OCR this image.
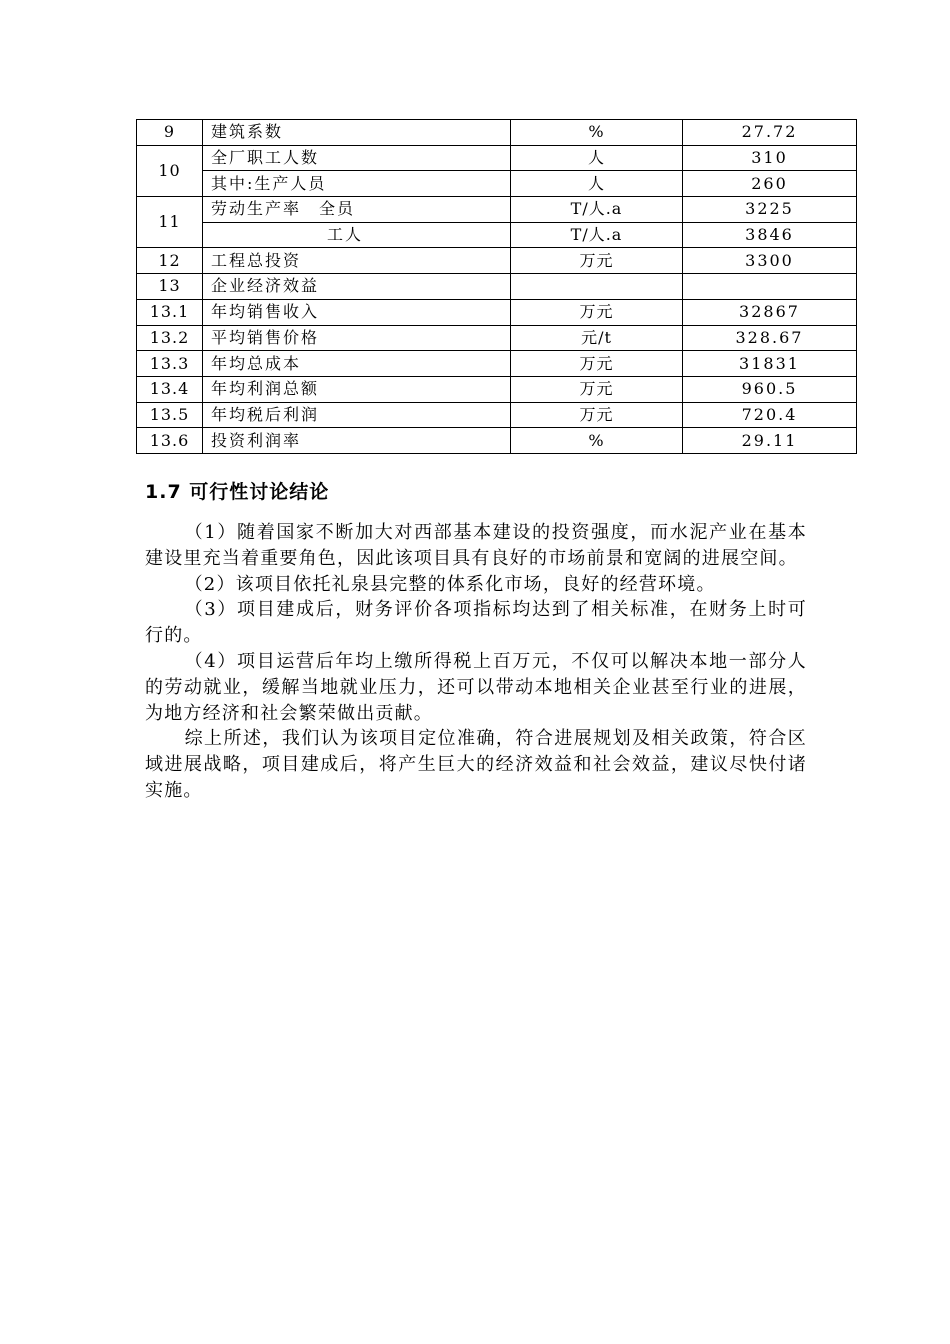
9	建筑系数	%	27.72
10	全厂职工人数	人	310
	其中:生产人员	人	260
11	劳动生产率　全员	T/人.a	3225
	工人	T/人.a	3846
12	工程总投资	万元	3300
13	企业经济效益		
13.1	年均销售收入	万元	32867
13.2	平均销售价格	元/t	328.67
13.3	年均总成本	万元	31831
13.4	年均利润总额	万元	960.5
13.5	年均税后利润	万元	720.4
13.6	投资利润率	%	29.11
1.7 可行性讨论结论

（1）随着国家不断加大对西部基本建设的投资强度，而水泥产业在基本建设里充当着重要角色，因此该项目具有良好的市场前景和宽阔的进展空间。

（2）该项目依托礼泉县完整的体系化市场，良好的经营环境。

（3）项目建成后，财务评价各项指标均达到了相关标准，在财务上时可行的。

（4）项目运营后年均上缴所得税上百万元，不仅可以解决本地一部分人的劳动就业，缓解当地就业压力，还可以带动本地相关企业甚至行业的进展，为地方经济和社会繁荣做出贡献。

综上所述，我们认为该项目定位准确，符合进展规划及相关政策，符合区域进展战略，项目建成后，将产生巨大的经济效益和社会效益，建议尽快付诸实施。
